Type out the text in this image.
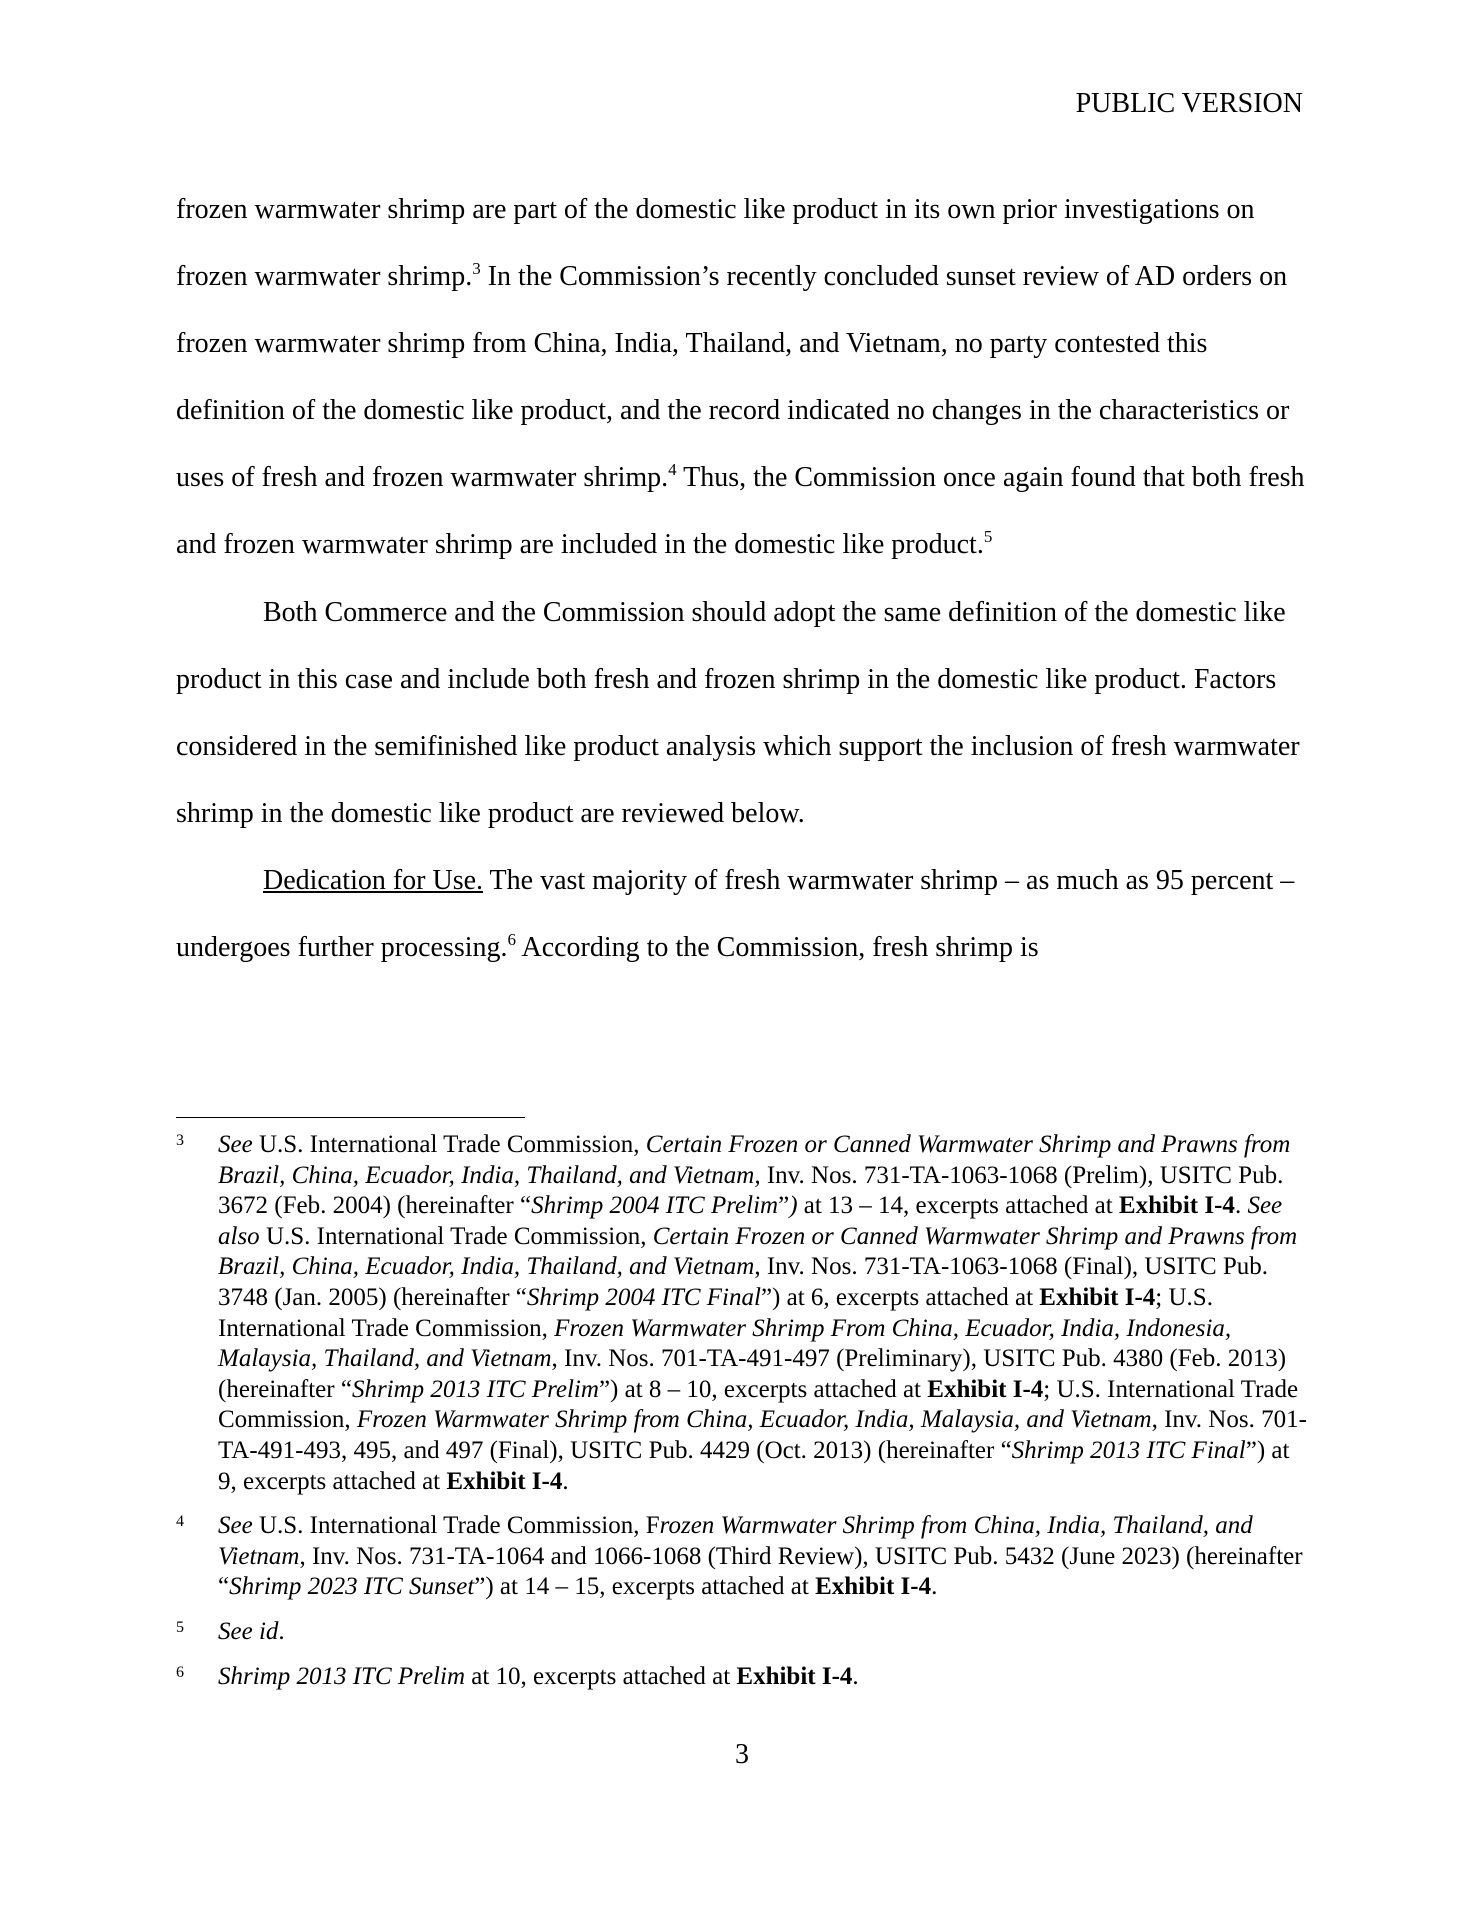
PUBLIC VERSION

frozen warmwater shrimp are part of the domestic like product in its own prior investigations on frozen warmwater shrimp.$^3$ In the Commission’s recently concluded sunset review of AD orders on frozen warmwater shrimp from China, India, Thailand, and Vietnam, no party contested this definition of the domestic like product, and the record indicated no changes in the characteristics or uses of fresh and frozen warmwater shrimp.$^4$ Thus, the Commission once again found that both fresh and frozen warmwater shrimp are included in the domestic like product.$^5$

Both Commerce and the Commission should adopt the same definition of the domestic like product in this case and include both fresh and frozen shrimp in the domestic like product. Factors considered in the semifinished like product analysis which support the inclusion of fresh warmwater shrimp in the domestic like product are reviewed below.

Dedication for Use. The vast majority of fresh warmwater shrimp – as much as 95 percent – undergoes further processing.$^6$ According to the Commission, fresh shrimp is

3	See U.S. International Trade Commission, Certain Frozen or Canned Warmwater Shrimp and Prawns from Brazil, China, Ecuador, India, Thailand, and Vietnam, Inv. Nos. 731-TA-1063-1068 (Prelim), USITC Pub. 3672 (Feb. 2004) (hereinafter “Shrimp 2004 ITC Prelim”) at 13 – 14, excerpts attached at Exhibit I-4. See also U.S. International Trade Commission, Certain Frozen or Canned Warmwater Shrimp and Prawns from Brazil, China, Ecuador, India, Thailand, and Vietnam, Inv. Nos. 731-TA-1063-1068 (Final), USITC Pub. 3748 (Jan. 2005) (hereinafter “Shrimp 2004 ITC Final”) at 6, excerpts attached at Exhibit I-4; U.S. International Trade Commission, Frozen Warmwater Shrimp From China, Ecuador, India, Indonesia, Malaysia, Thailand, and Vietnam, Inv. Nos. 701-TA-491-497 (Preliminary), USITC Pub. 4380 (Feb. 2013) (hereinafter “Shrimp 2013 ITC Prelim”) at 8 – 10, excerpts attached at Exhibit I-4; U.S. International Trade Commission, Frozen Warmwater Shrimp from China, Ecuador, India, Malaysia, and Vietnam, Inv. Nos. 701-TA-491-493, 495, and 497 (Final), USITC Pub. 4429 (Oct. 2013) (hereinafter “Shrimp 2013 ITC Final”) at 9, excerpts attached at Exhibit I-4.
4	See U.S. International Trade Commission, Frozen Warmwater Shrimp from China, India, Thailand, and Vietnam, Inv. Nos. 731-TA-1064 and 1066-1068 (Third Review), USITC Pub. 5432 (June 2023) (hereinafter “Shrimp 2023 ITC Sunset”) at 14 – 15, excerpts attached at Exhibit I-4.
5	See id.
6	Shrimp 2013 ITC Prelim at 10, excerpts attached at Exhibit I-4.
3
